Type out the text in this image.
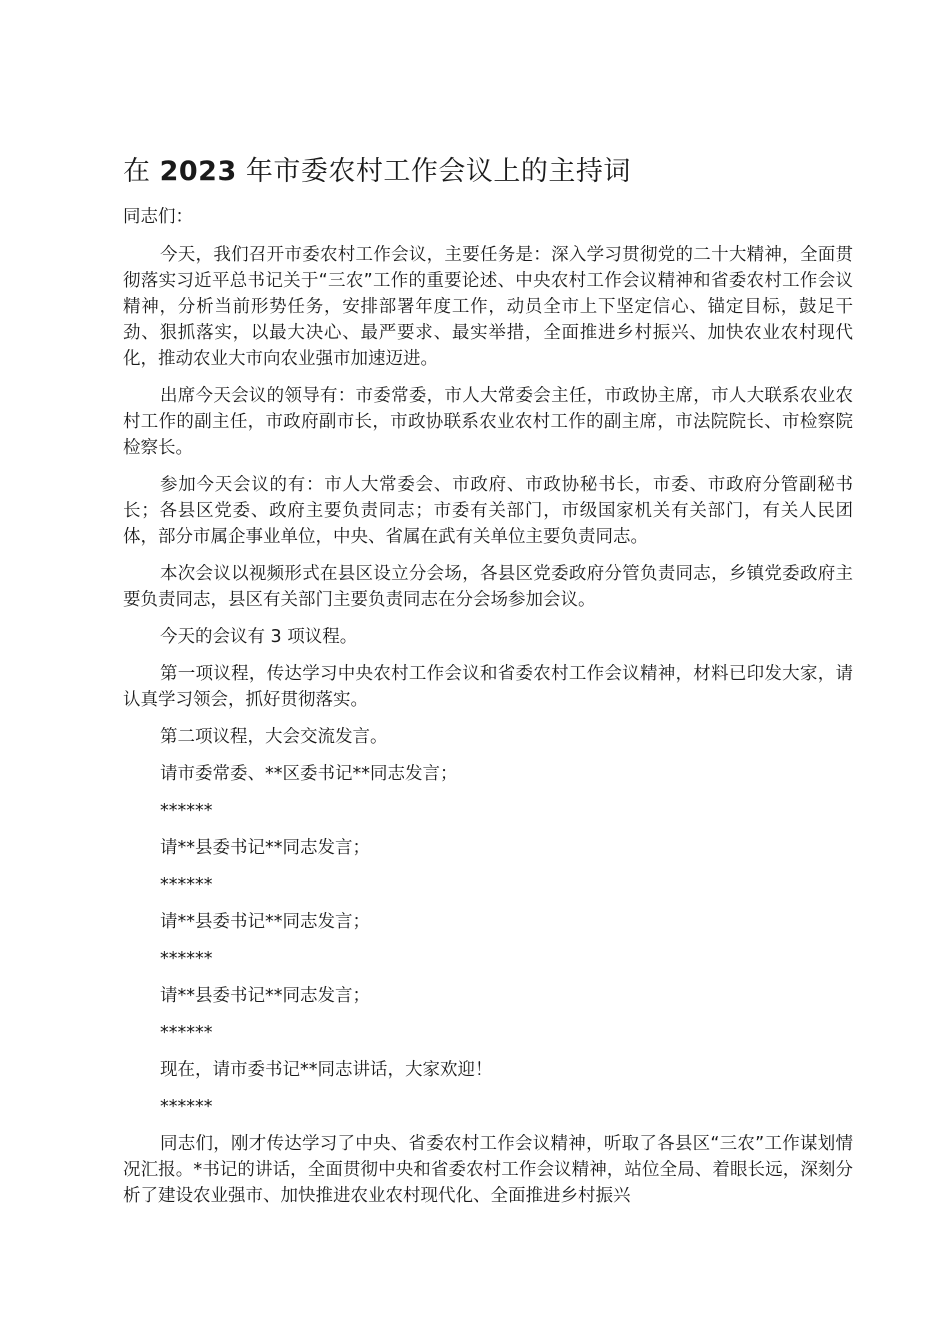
在 2023 年市委农村工作会议上的主持词

同志们：

今天，我们召开市委农村工作会议，主要任务是：深入学习贯彻党的二十大精神，全面贯彻落实习近平总书记关于“三农”工作的重要论述、中央农村工作会议精神和省委农村工作会议精神，分析当前形势任务，安排部署年度工作，动员全市上下坚定信心、锚定目标，鼓足干劲、狠抓落实，以最大决心、最严要求、最实举措，全面推进乡村振兴、加快农业农村现代化，推动农业大市向农业强市加速迈进。

出席今天会议的领导有：市委常委，市人大常委会主任，市政协主席，市人大联系农业农村工作的副主任，市政府副市长，市政协联系农业农村工作的副主席，市法院院长、市检察院检察长。

参加今天会议的有：市人大常委会、市政府、市政协秘书长，市委、市政府分管副秘书长；各县区党委、政府主要负责同志；市委有关部门，市级国家机关有关部门，有关人民团体，部分市属企事业单位，中央、省属在武有关单位主要负责同志。

本次会议以视频形式在县区设立分会场，各县区党委政府分管负责同志，乡镇党委政府主要负责同志，县区有关部门主要负责同志在分会场参加会议。

今天的会议有 3 项议程。

第一项议程，传达学习中央农村工作会议和省委农村工作会议精神，材料已印发大家，请认真学习领会，抓好贯彻落实。

第二项议程，大会交流发言。

请市委常委、**区委书记**同志发言；

******

请**县委书记**同志发言；

******

请**县委书记**同志发言；

******

请**县委书记**同志发言；

******

现在，请市委书记**同志讲话，大家欢迎！

******

同志们，刚才传达学习了中央、省委农村工作会议精神，听取了各县区“三农”工作谋划情况汇报。*书记的讲话，全面贯彻中央和省委农村工作会议精神，站位全局、着眼长远，深刻分析了建设农业强市、加快推进农业农村现代化、全面推进乡村振兴
